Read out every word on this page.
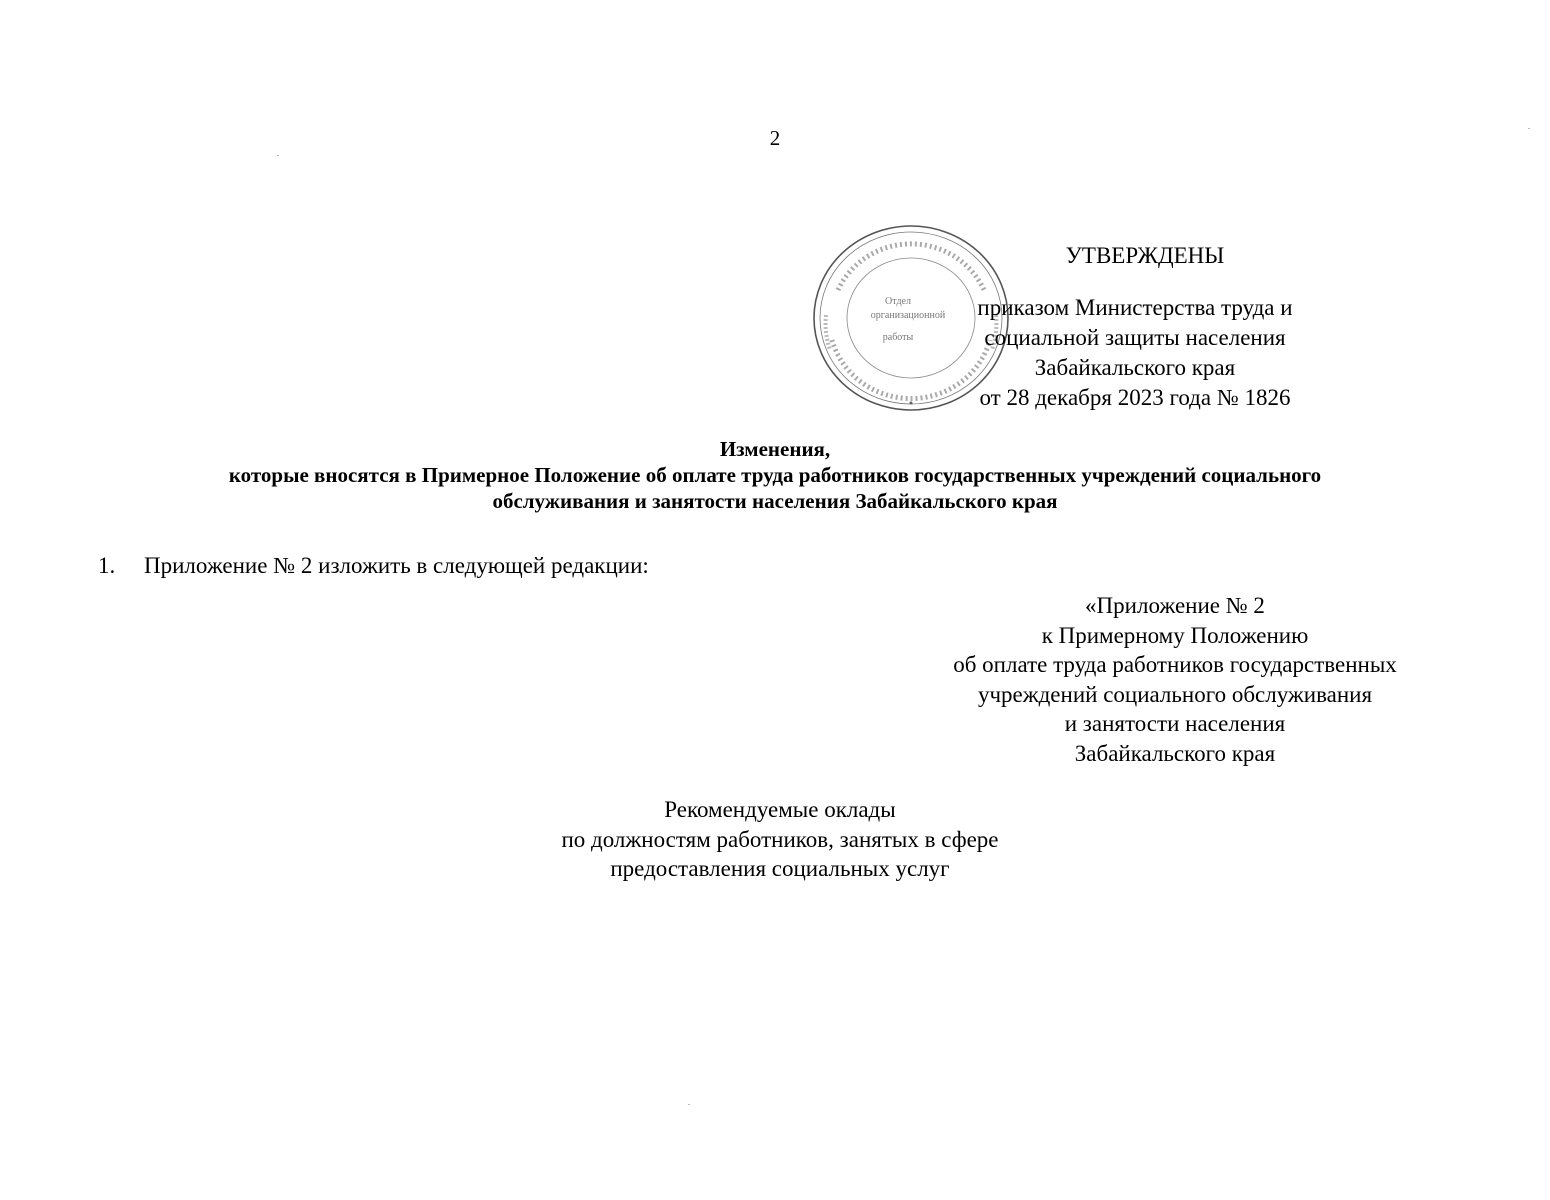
2
Отдел
организационной
работы
УТВЕРЖДЕНЫ
приказом Министерства труда и
социальной защиты населения
Забайкальского края
от 28 декабря 2023 года № 1826
Изменения,
которые вносятся в Примерное Положение об оплате труда работников государственных учреждений социального
обслуживания и занятости населения Забайкальского края
1. Приложение № 2 изложить в следующей редакции:
«Приложение № 2
к Примерному Положению
об оплате труда работников государственных
учреждений социального обслуживания
и занятости населения
Забайкальского края
Рекомендуемые оклады
по должностям работников, занятых в сфере
предоставления социальных услуг
